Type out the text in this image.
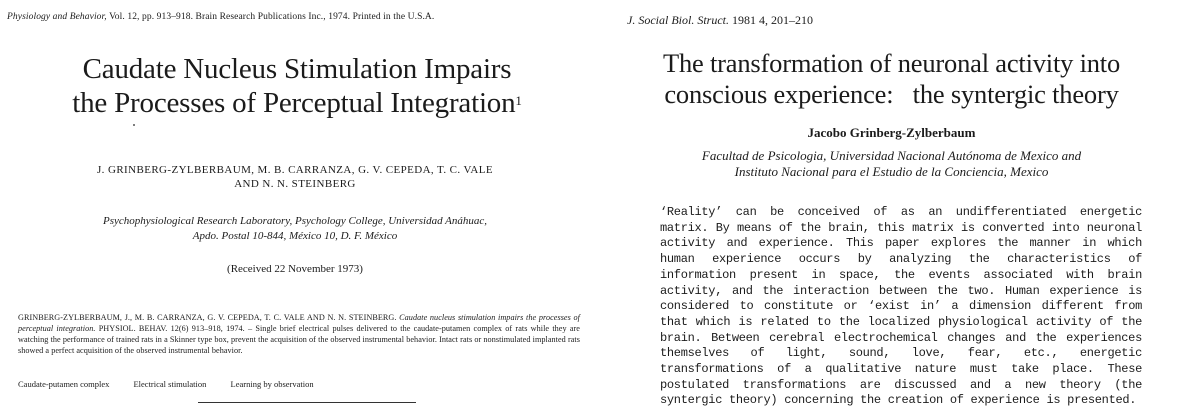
Physiology and Behavior, Vol. 12, pp. 913–918. Brain Research Publications Inc., 1974. Printed in the U.S.A.
Caudate Nucleus Stimulation Impairs
the Processes of Perceptual Integration$^1$
J. GRINBERG-ZYLBERBAUM, M. B. CARRANZA, G. V. CEPEDA, T. C. VALE
AND N. N. STEINBERG
Psychophysiological Research Laboratory, Psychology College, Universidad Anáhuac,
Apdo. Postal 10-844, México 10, D. F. México
(Received 22 November 1973)
GRINBERG-ZYLBERBAUM, J., M. B. CARRANZA, G. V. CEPEDA, T. C. VALE AND N. N. STEINBERG. Caudate nucleus stimulation impairs the processes of perceptual integration. PHYSIOL. BEHAV. 12(6) 913–918, 1974. – Single brief electrical pulses delivered to the caudate-putamen complex of rats while they are watching the performance of trained rats in a Skinner type box, prevent the acquisition of the observed instrumental behavior. Intact rats or nonstimulated implanted rats showed a perfect acquisition of the observed instrumental behavior.
Caudate-putamen complex	Electrical stimulation	Learning by observation
J. Social Biol. Struct. 1981 4, 201–210
The transformation of neuronal activity into
conscious experience:   the syntergic theory
Jacobo Grinberg-Zylberbaum
Facultad de Psicologia, Universidad Nacional Autónoma de Mexico and
Instituto Nacional para el Estudio de la Conciencia, Mexico
‘Reality’ can be conceived of as an undifferentiated energetic matrix. By means of the brain, this matrix is converted into neuronal activity and experience. This paper explores the manner in which human experience occurs by analyzing the characteristics of information present in space, the events associated with brain activity, and the interaction between the two. Human experience is considered to constitute or ‘exist in’ a dimension different from that which is related to the localized physiological activity of the brain. Between cerebral electrochemical changes and the experiences themselves of light, sound, love, fear, etc., energetic transformations of a qualitative nature must take place. These postulated transformations are discussed and a new theory (the syntergic theory) concerning the creation of experience is presented.
